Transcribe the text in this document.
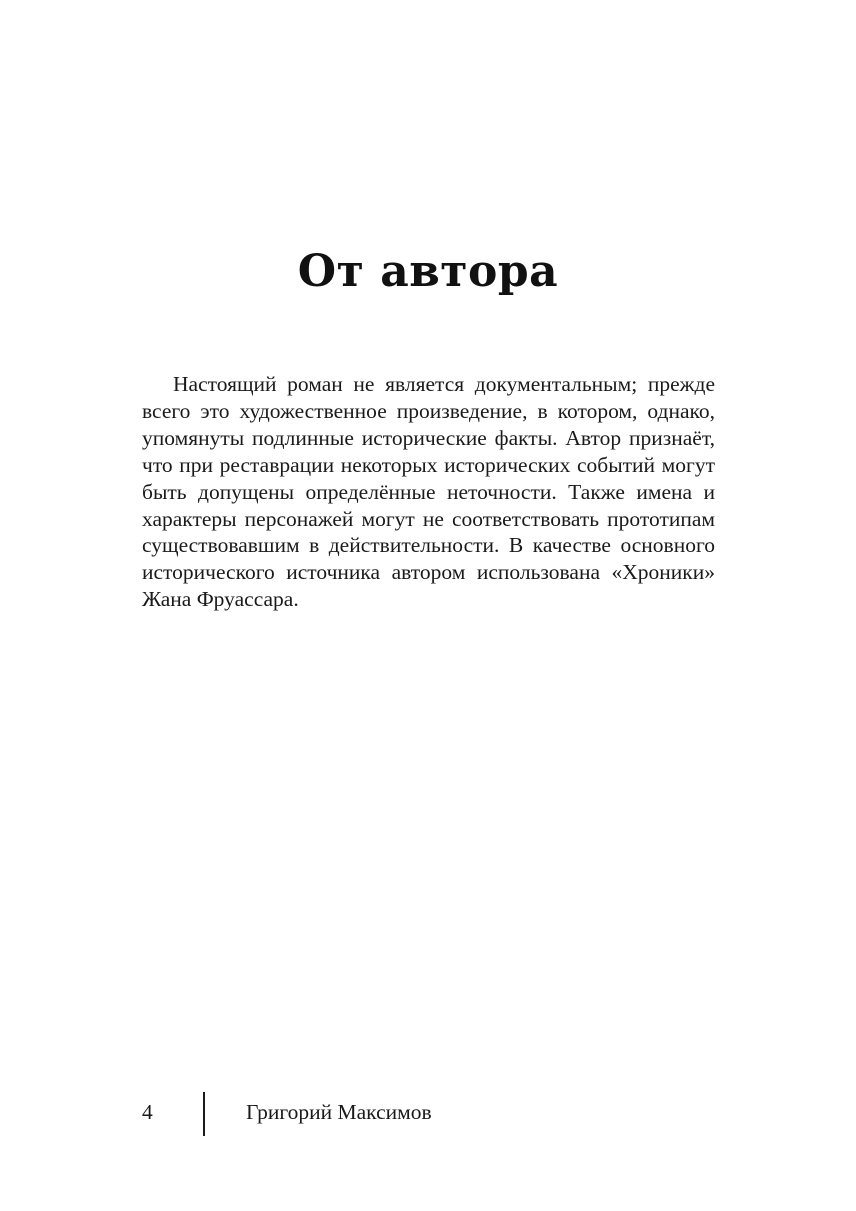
От автора

Настоящий роман не является документальным; прежде всего это художественное произведение, в котором, однако, упомянуты подлинные исторические факты. Автор признаёт, что при реставрации некоторых исторических событий могут быть допущены определённые неточности. Также имена и характеры персонажей могут не соответствовать прототипам существовавшим в действительности. В качестве основного исторического источника автором использована «Хроники» Жана Фруассара.

4	Григорий Максимов
